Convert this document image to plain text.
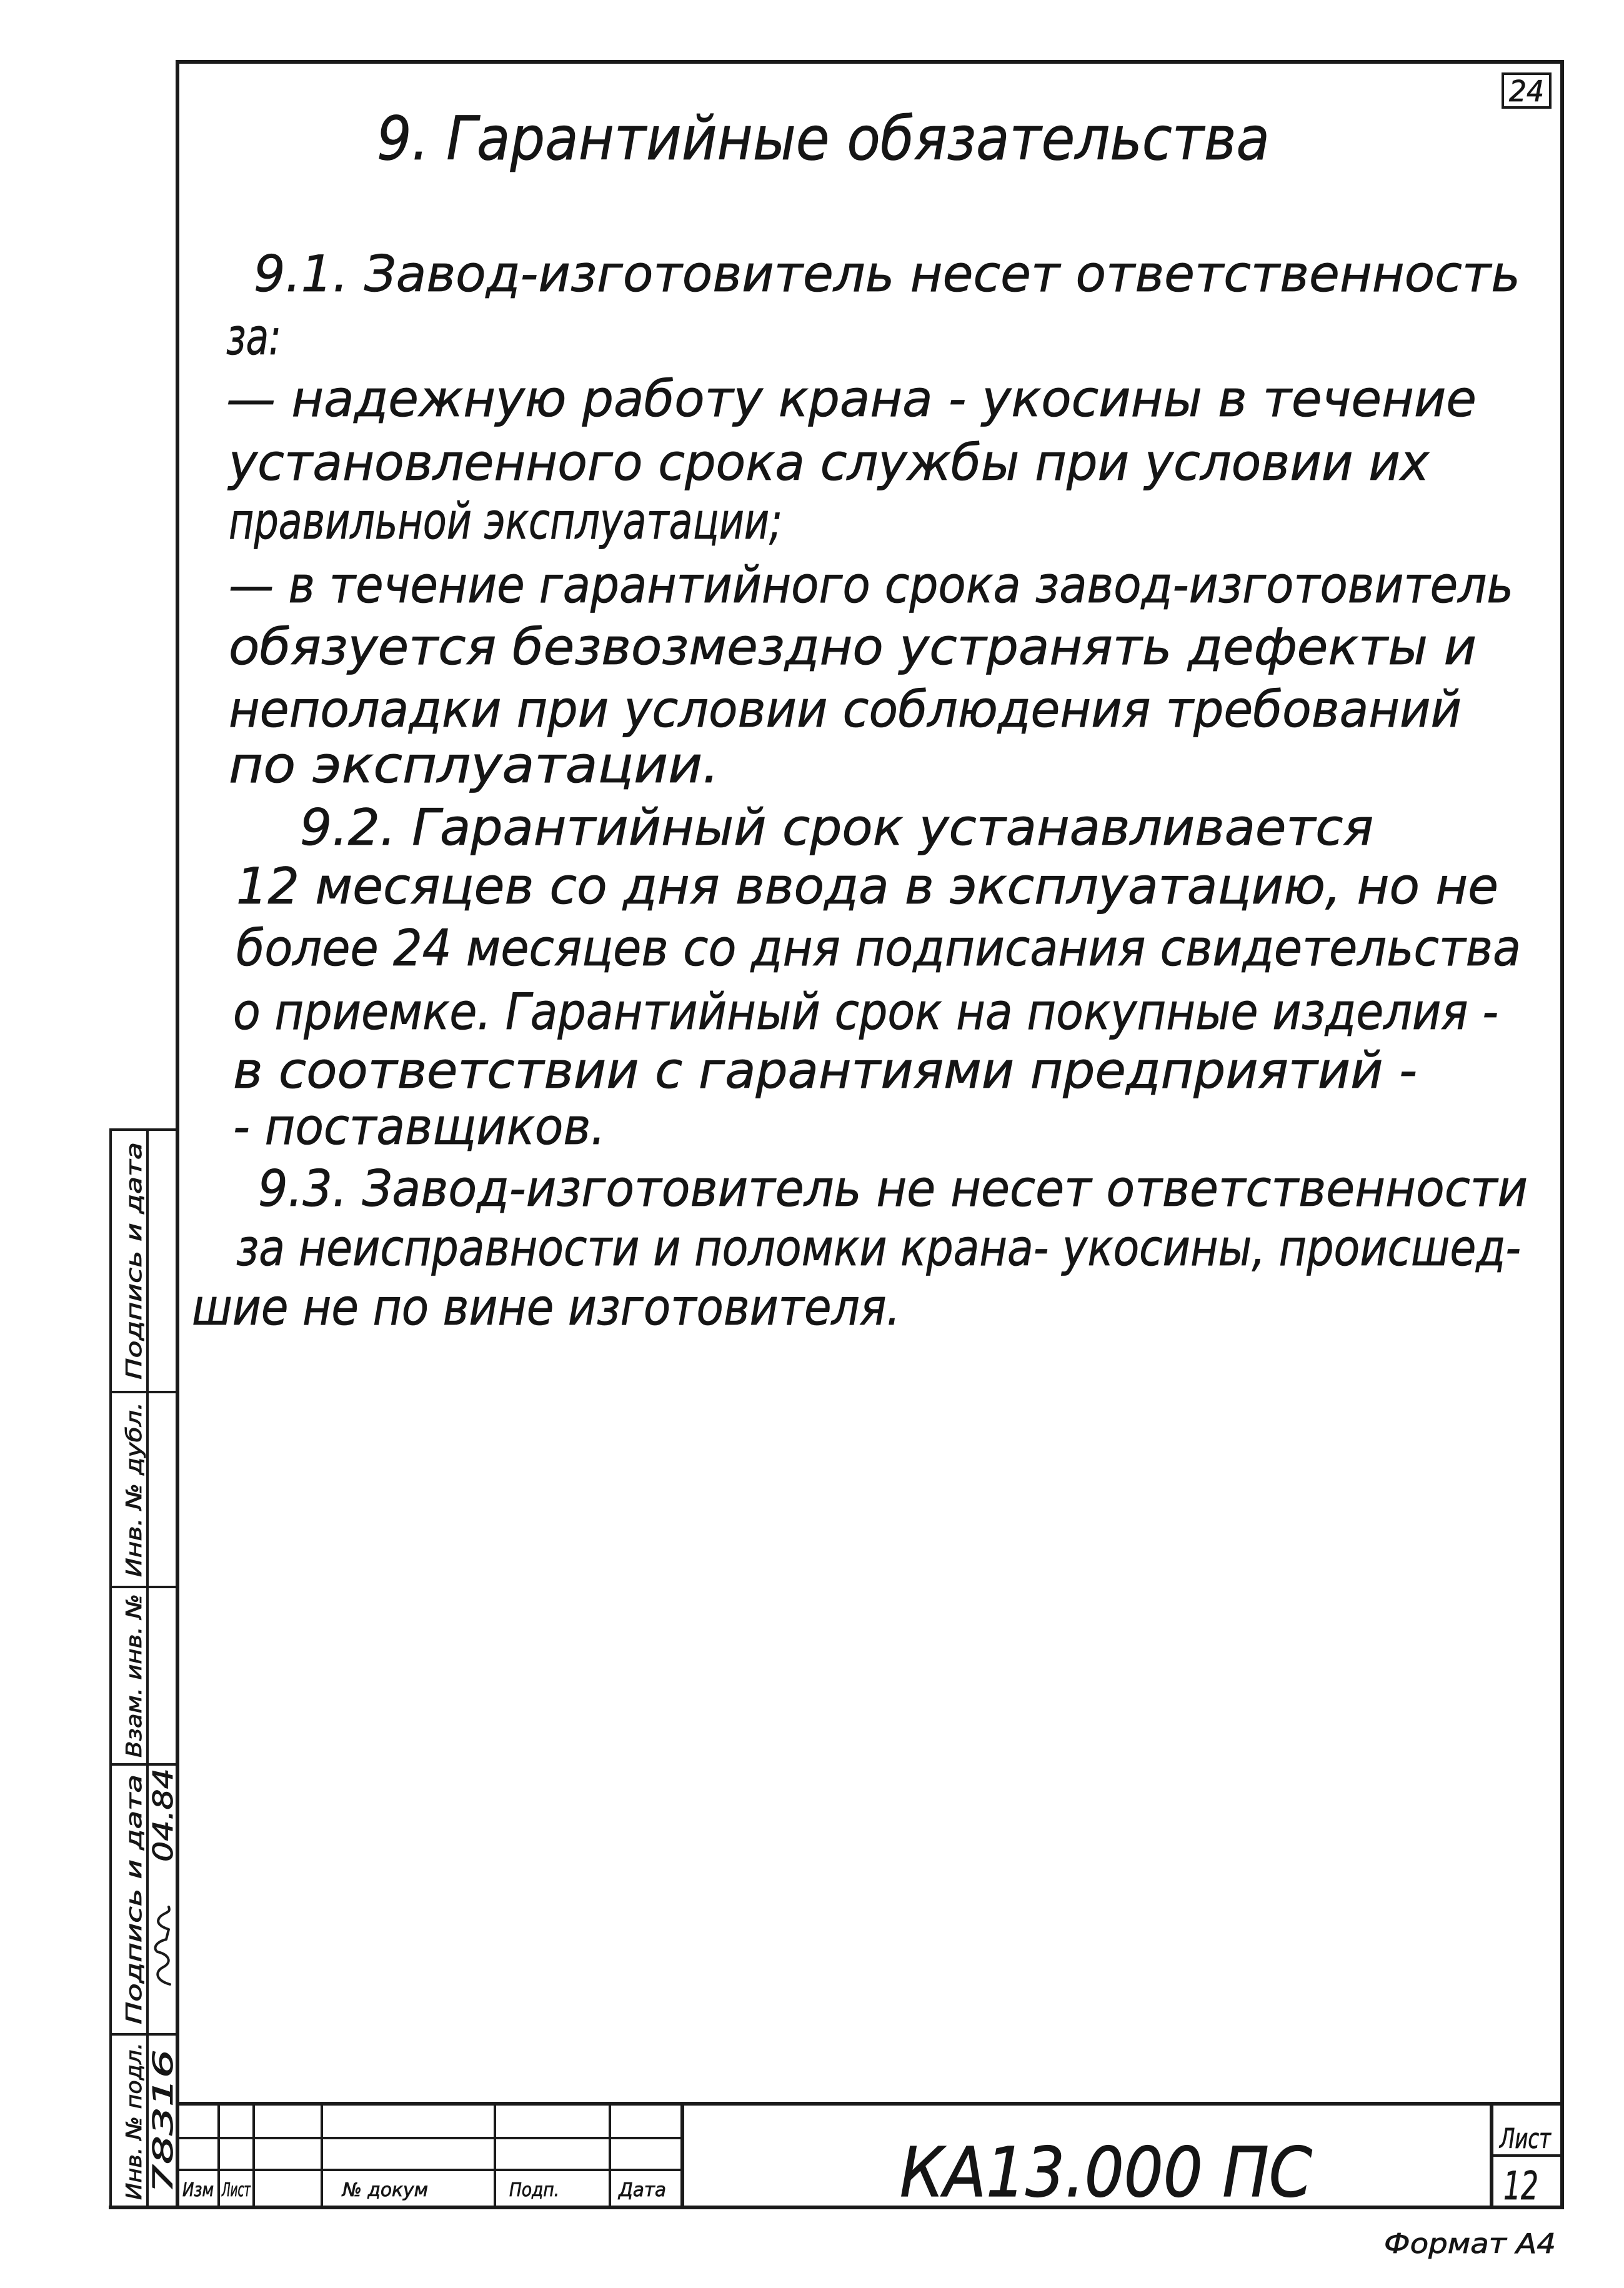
24
9. Гарантийные обязательства
9.1. Завод-изготовитель несет ответственность
за:
— надежную работу крана - укосины в течение
установленного срока службы при условии их
правильной эксплуатации;
— в течение гарантийного срока завод-изготовитель
обязуется безвозмездно устранять дефекты и
неполадки при условии соблюдения требований
по эксплуатации.
9.2. Гарантийный срок устанавливается
12 месяцев со дня ввода в эксплуатацию, но не
более 24 месяцев со дня подписания свидетельства
о приемке. Гарантийный срок на покупные изделия -
в соответствии с гарантиями предприятий -
- поставщиков.
9.3. Завод-изготовитель не несет ответственности
за неисправности и поломки крана- укосины, происшед-
шие не по вине изготовителя.
Подпись и дата
Инв. № дубл.
Взам. инв. №
Подпись и дата
Инв. № подл. 78316
04.84
Изм Лист	№ докум	Подп.	Дата	КА13.000 ПС	Лист
12
Формат А4
